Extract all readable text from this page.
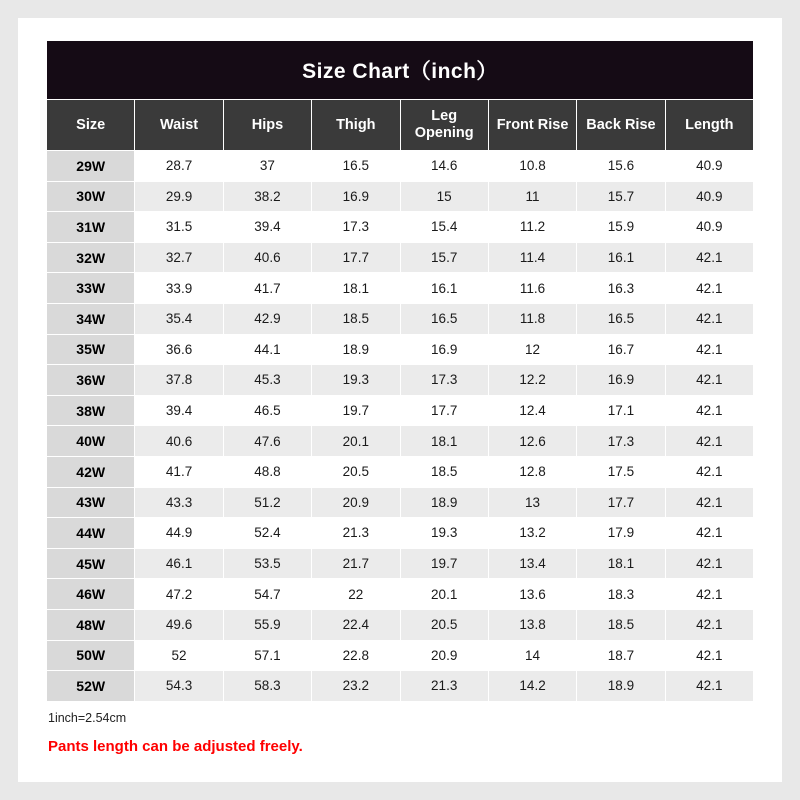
Size Chart（inch）							
Size	Waist	Hips	Thigh	Leg Opening	Front Rise	Back Rise	Length
29W	28.7	37	16.5	14.6	10.8	15.6	40.9
30W	29.9	38.2	16.9	15	11	15.7	40.9
31W	31.5	39.4	17.3	15.4	11.2	15.9	40.9
32W	32.7	40.6	17.7	15.7	11.4	16.1	42.1
33W	33.9	41.7	18.1	16.1	11.6	16.3	42.1
34W	35.4	42.9	18.5	16.5	11.8	16.5	42.1
35W	36.6	44.1	18.9	16.9	12	16.7	42.1
36W	37.8	45.3	19.3	17.3	12.2	16.9	42.1
38W	39.4	46.5	19.7	17.7	12.4	17.1	42.1
40W	40.6	47.6	20.1	18.1	12.6	17.3	42.1
42W	41.7	48.8	20.5	18.5	12.8	17.5	42.1
43W	43.3	51.2	20.9	18.9	13	17.7	42.1
44W	44.9	52.4	21.3	19.3	13.2	17.9	42.1
45W	46.1	53.5	21.7	19.7	13.4	18.1	42.1
46W	47.2	54.7	22	20.1	13.6	18.3	42.1
48W	49.6	55.9	22.4	20.5	13.8	18.5	42.1
50W	52	57.1	22.8	20.9	14	18.7	42.1
52W	54.3	58.3	23.2	21.3	14.2	18.9	42.1
1inch=2.54cm
Pants length can be adjusted freely.
